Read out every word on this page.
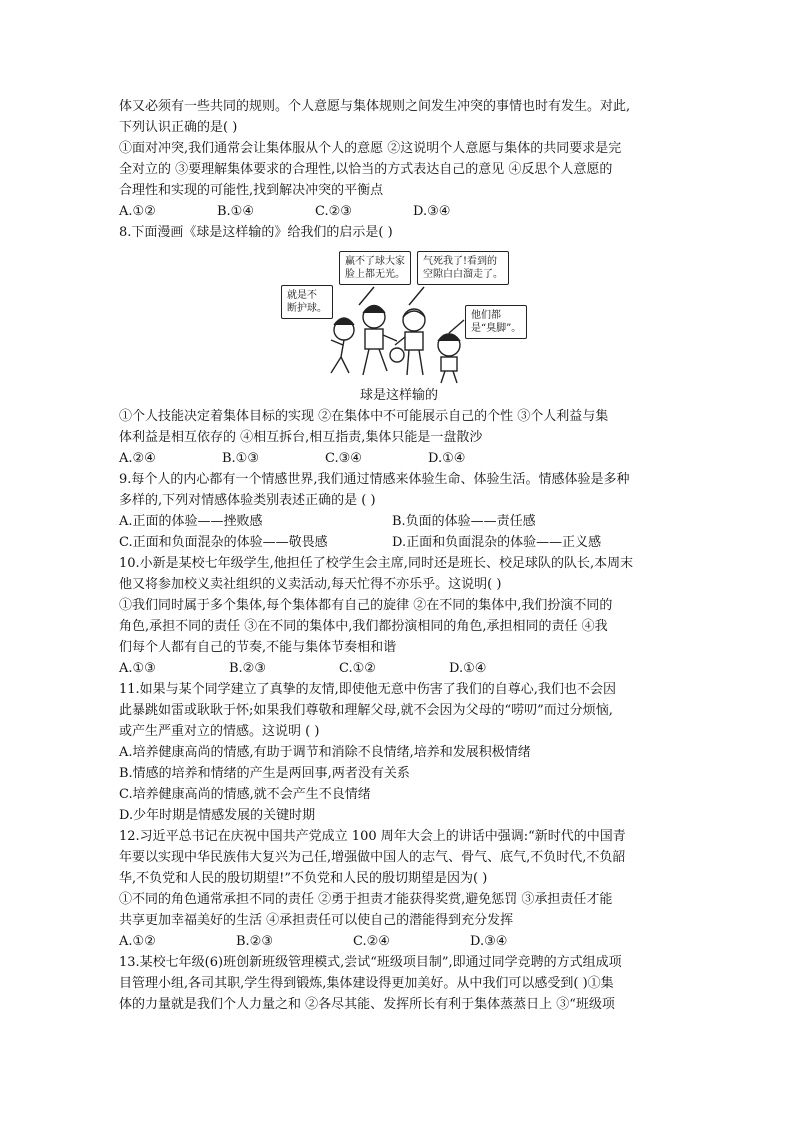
体又必须有一些共同的规则。个人意愿与集体规则之间发生冲突的事情也时有发生。对此,

下列认识正确的是( )

①面对冲突,我们通常会让集体服从个人的意愿 ②这说明个人意愿与集体的共同要求是完

全对立的 ③要理解集体要求的合理性,以恰当的方式表达自己的意见 ④反思个人意愿的

合理性和实现的可能性,找到解决冲突的平衡点

A.①②	B.①④	C.②③	D.③④

8.下面漫画《球是这样输的》给我们的启示是( )

赢不了球大家
脸上都无光。
气死我了!看到的
空隙白白溜走了。
就是不
断护球。
他们都
是“臭脚”。

球是这样输的

①个人技能决定着集体目标的实现 ②在集体中不可能展示自己的个性 ③个人利益与集

体利益是相互依存的 ④相互拆台,相互指责,集体只能是一盘散沙

A.②④	B.①③	C.③④	D.①④

9.每个人的内心都有一个情感世界,我们通过情感来体验生命、体验生活。情感体验是多种

多样的,下列对情感体验类别表述正确的是 ( )

A.正面的体验——挫败感	B.负面的体验——责任感
C.正面和负面混杂的体验——敬畏感	D.正面和负面混杂的体验——正义感

10.小新是某校七年级学生,他担任了校学生会主席,同时还是班长、校足球队的队长,本周末

他又将参加校义卖社组织的义卖活动,每天忙得不亦乐乎。这说明( )

①我们同时属于多个集体,每个集体都有自己的旋律 ②在不同的集体中,我们扮演不同的

角色,承担不同的责任 ③在不同的集体中,我们都扮演相同的角色,承担相同的责任 ④我

们每个人都有自己的节奏,不能与集体节奏相和谐

A.①③	B.②③	C.①②	D.①④

11.如果与某个同学建立了真挚的友情,即使他无意中伤害了我们的自尊心,我们也不会因

此暴跳如雷或耿耿于怀;如果我们尊敬和理解父母,就不会因为父母的“唠叨”而过分烦恼,

或产生严重对立的情感。这说明 ( )

A.培养健康高尚的情感,有助于调节和消除不良情绪,培养和发展积极情绪

B.情感的培养和情绪的产生是两回事,两者没有关系

C.培养健康高尚的情感,就不会产生不良情绪

D.少年时期是情感发展的关键时期

12.习近平总书记在庆祝中国共产党成立 100 周年大会上的讲话中强调:“新时代的中国青

年要以实现中华民族伟大复兴为己任,增强做中国人的志气、骨气、底气,不负时代,不负韶

华,不负党和人民的殷切期望!”不负党和人民的殷切期望是因为( )

①不同的角色通常承担不同的责任 ②勇于担责才能获得奖赏,避免惩罚 ③承担责任才能

共享更加幸福美好的生活 ④承担责任可以使自己的潜能得到充分发挥

A.①②	B.②③	C.②④	D.③④

13.某校七年级(6)班创新班级管理模式,尝试“班级项目制”,即通过同学竞聘的方式组成项

目管理小组,各司其职,学生得到锻炼,集体建设得更加美好。从中我们可以感受到( )①集

体的力量就是我们个人力量之和 ②各尽其能、发挥所长有利于集体蒸蒸日上 ③“班级项
